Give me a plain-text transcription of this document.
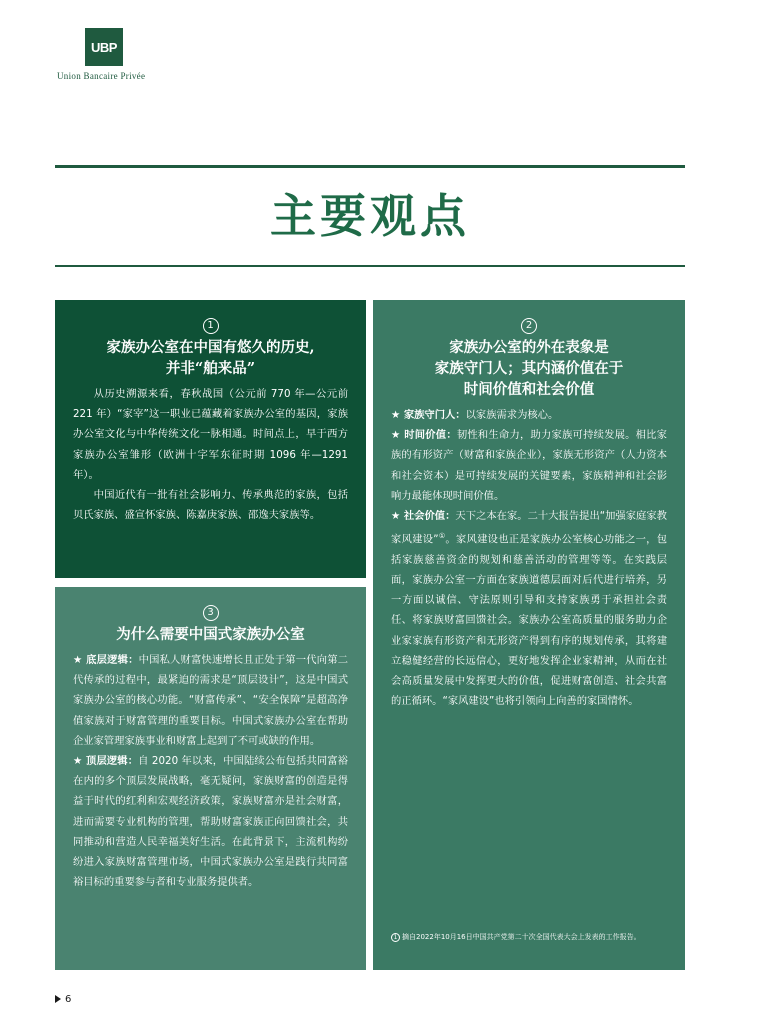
UBP
Union Bancaire Privée
主要观点
1
家族办公室在中国有悠久的历史,
并非“舶来品”

从历史溯源来看，春秋战国（公元前 770 年—公元前 221 年）“家宰”这一职业已蕴藏着家族办公室的基因，家族办公室文化与中华传统文化一脉相通。时间点上，早于西方家族办公室雏形（欧洲十字军东征时期 1096 年—1291 年）。

中国近代有一批有社会影响力、传承典范的家族，包括贝氏家族、盛宣怀家族、陈嘉庚家族、邵逸夫家族等。

2
家族办公室的外在表象是
家族守门人；其内涵价值在于
时间价值和社会价值

★ 家族守门人：以家族需求为核心。

★ 时间价值：韧性和生命力，助力家族可持续发展。相比家族的有形资产（财富和家族企业），家族无形资产（人力资本和社会资本）是可持续发展的关键要素，家族精神和社会影响力最能体现时间价值。

★ 社会价值：天下之本在家。二十大报告提出“加强家庭家教家风建设”①。家风建设也正是家族办公室核心功能之一，包括家族慈善资金的规划和慈善活动的管理等等。在实践层面，家族办公室一方面在家族道德层面对后代进行培养，另一方面以诚信、守法原则引导和支持家族勇于承担社会责任、将家族财富回馈社会。家族办公室高质量的服务助力企业家家族有形资产和无形资产得到有序的规划传承，其将建立稳健经营的长远信心，更好地发挥企业家精神，从而在社会高质量发展中发挥更大的价值，促进财富创造、社会共富的正循环。“家风建设”也将引领向上向善的家国情怀。

1 摘自2022年10月16日中国共产党第二十次全国代表大会上发表的工作报告。
3
为什么需要中国式家族办公室

★ 底层逻辑：中国私人财富快速增长且正处于第一代向第二代传承的过程中，最紧迫的需求是“顶层设计”，这是中国式家族办公室的核心功能。“财富传承”、“安全保障”是超高净值家族对于财富管理的重要目标。中国式家族办公室在帮助企业家管理家族事业和财富上起到了不可或缺的作用。

★ 顶层逻辑：自 2020 年以来，中国陆续公布包括共同富裕在内的多个顶层发展战略，毫无疑问，家族财富的创造是得益于时代的红利和宏观经济政策，家族财富亦是社会财富，进而需要专业机构的管理，帮助财富家族正向回馈社会，共同推动和营造人民幸福美好生活。在此背景下，主流机构纷纷进入家族财富管理市场，中国式家族办公室是践行共同富裕目标的重要参与者和专业服务提供者。

6
